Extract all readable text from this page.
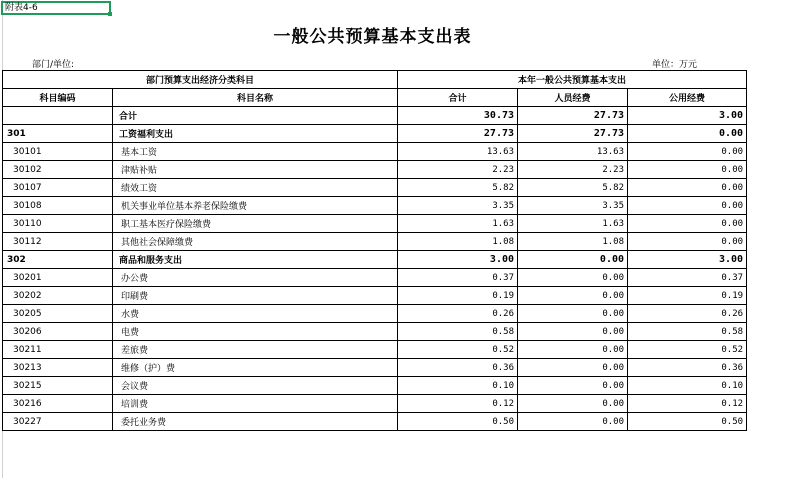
附表4-6
一般公共预算基本支出表
部门/单位:	单位：万元
部门预算支出经济分类科目		本年一般公共预算基本支出		
科目编码	科目名称	合计	人员经费	公用经费
	合计	30.73	27.73	3.00
301	工资福利支出	27.73	27.73	0.00
30101	基本工资	13.63	13.63	0.00
30102	津贴补贴	2.23	2.23	0.00
30107	绩效工资	5.82	5.82	0.00
30108	机关事业单位基本养老保险缴费	3.35	3.35	0.00
30110	职工基本医疗保险缴费	1.63	1.63	0.00
30112	其他社会保障缴费	1.08	1.08	0.00
302	商品和服务支出	3.00	0.00	3.00
30201	办公费	0.37	0.00	0.37
30202	印刷费	0.19	0.00	0.19
30205	水费	0.26	0.00	0.26
30206	电费	0.58	0.00	0.58
30211	差旅费	0.52	0.00	0.52
30213	维修（护）费	0.36	0.00	0.36
30215	会议费	0.10	0.00	0.10
30216	培训费	0.12	0.00	0.12
30227	委托业务费	0.50	0.00	0.50
